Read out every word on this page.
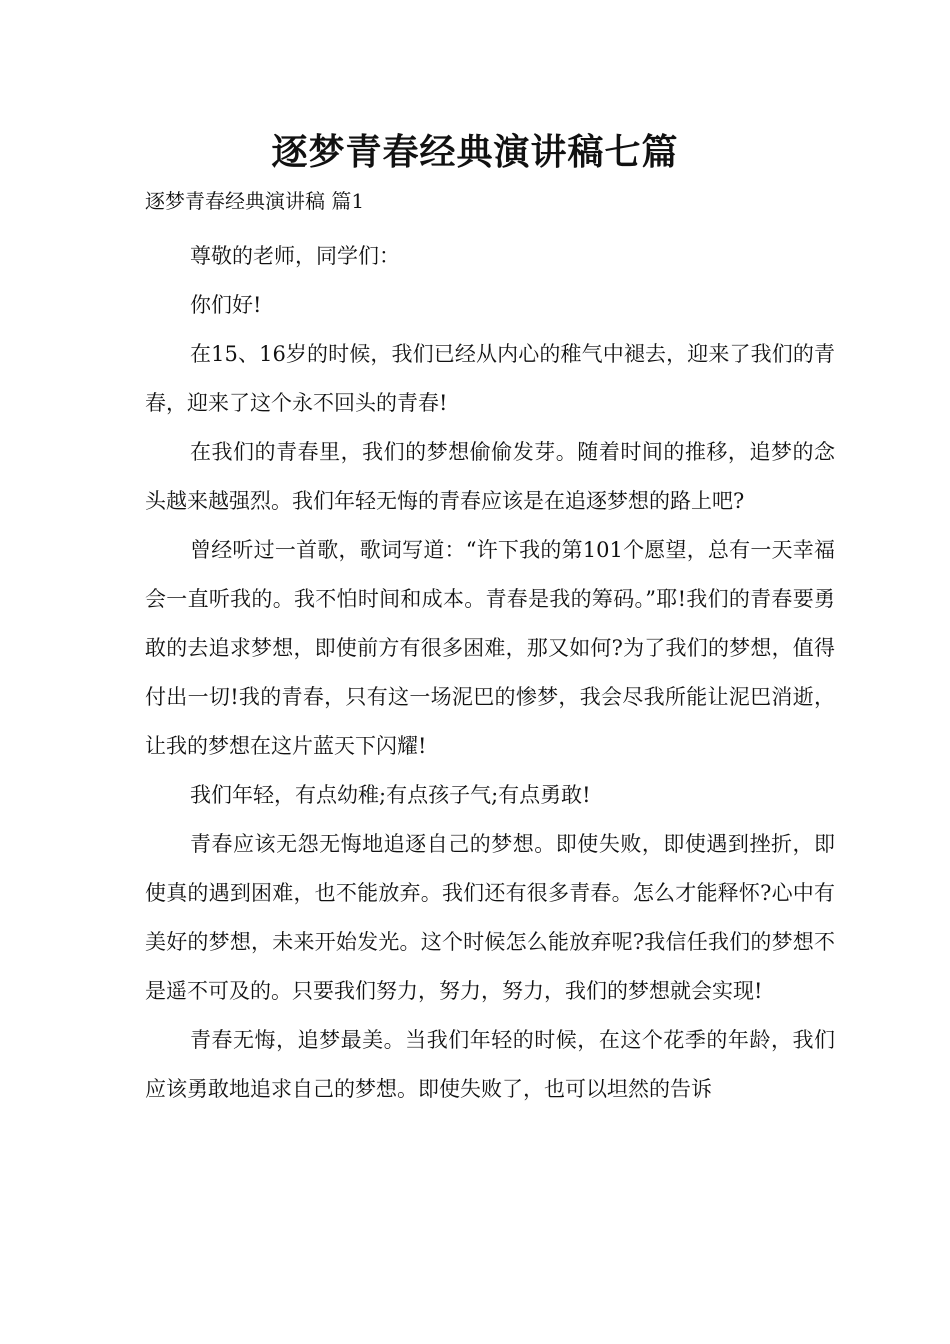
逐梦青春经典演讲稿七篇

逐梦青春经典演讲稿 篇1

尊敬的老师，同学们：

你们好!

在15、16岁的时候，我们已经从内心的稚气中褪去，迎来了我们的青春，迎来了这个永不回头的青春!

在我们的青春里，我们的梦想偷偷发芽。随着时间的推移，追梦的念头越来越强烈。我们年轻无悔的青春应该是在追逐梦想的路上吧?

曾经听过一首歌，歌词写道：“许下我的第101个愿望，总有一天幸福会一直听我的。我不怕时间和成本。青春是我的筹码。”耶!我们的青春要勇敢的去追求梦想，即使前方有很多困难，那又如何?为了我们的梦想，值得付出一切!我的青春，只有这一场泥巴的惨梦，我会尽我所能让泥巴消逝，让我的梦想在这片蓝天下闪耀!

我们年轻，有点幼稚;有点孩子气;有点勇敢!

青春应该无怨无悔地追逐自己的梦想。即使失败，即使遇到挫折，即使真的遇到困难，也不能放弃。我们还有很多青春。怎么才能释怀?心中有美好的梦想，未来开始发光。这个时候怎么能放弃呢?我信任我们的梦想不是遥不可及的。只要我们努力，努力，努力，我们的梦想就会实现!

青春无悔，追梦最美。当我们年轻的时候，在这个花季的年龄，我们应该勇敢地追求自己的梦想。即使失败了，也可以坦然的告诉
